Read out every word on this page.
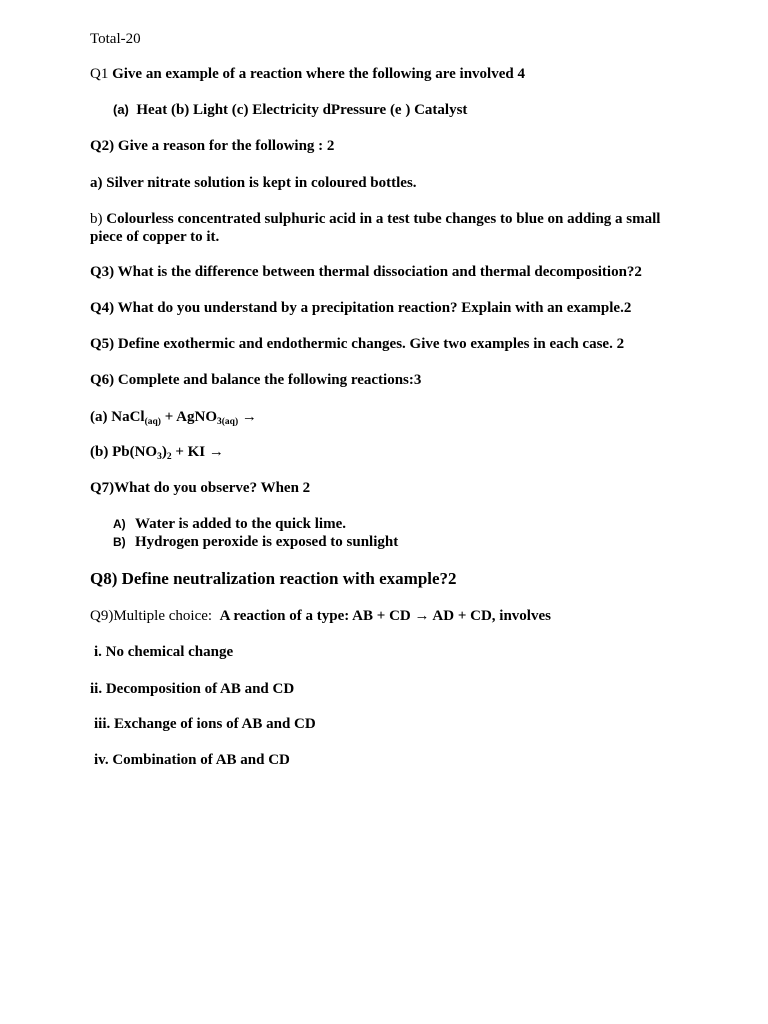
Total-20
Q1 Give an example of a reaction where the following are involved 4
(a) Heat (b) Light (c) Electricity dPressure (e ) Catalyst
Q2) Give a reason for the following : 2
a) Silver nitrate solution is kept in coloured bottles.
b) Colourless concentrated sulphuric acid in a test tube changes to blue on adding a small
piece of copper to it.
Q3) What is the difference between thermal dissociation and thermal decomposition?2
Q4) What do you understand by a precipitation reaction? Explain with an example.2
Q5) Define exothermic and endothermic changes. Give two examples in each case. 2
Q6) Complete and balance the following reactions:3
(a) NaCl$_{(aq)}$ + AgNO$_{3(aq)}$ →
(b) $Pb(NO_3)_2$ + KI →
Q7)What do you observe? When 2
A) Water is added to the quick lime.
B) Hydrogen peroxide is exposed to sunlight
Q8) Define neutralization reaction with example?2
Q9)Multiple choice: A reaction of a type: AB + CD → AD + CD, involves
i. No chemical change
ii. Decomposition of AB and CD
iii. Exchange of ions of AB and CD
iv. Combination of AB and CD
